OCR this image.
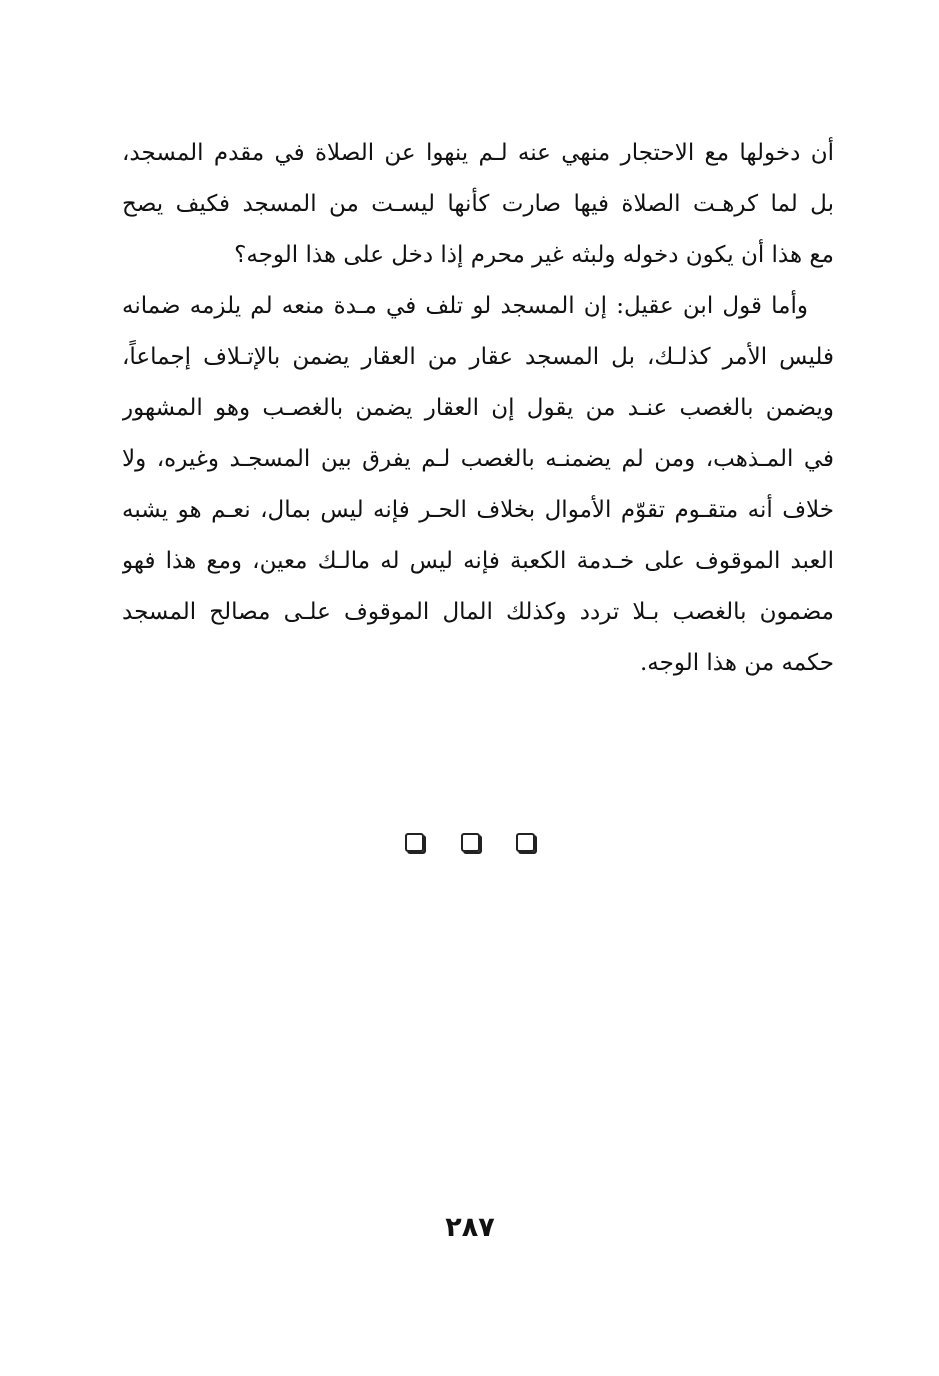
أن دخولها مع الاحتجار منهي عنه لـم ينهوا عن الصلاة في مقدم المسجد،
بل لما كرهـت الصلاة فيها صارت كأنها ليسـت من المسجد فكيف يصح
مع هذا أن يكون دخوله ولبثه غير محرم إذا دخل على هذا الوجه؟
وأما قول ابن عقيل: إن المسجد لو تلف في مـدة منعه لم يلزمه ضمانه
فليس الأمر كذلـك، بل المسجد عقار من العقار يضمن بالإتـلاف إجماعاً،
ويضمن بالغصب عنـد من يقول إن العقار يضمن بالغصـب وهو المشهور
في المـذهب، ومن لم يضمنـه بالغصب لـم يفرق بين المسجـد وغيره، ولا
خلاف أنه متقـوم تقوّم الأموال بخلاف الحـر فإنه ليس بمال، نعـم هو يشبه
العبد الموقوف على خـدمة الكعبة فإنه ليس له مالـك معين، ومع هذا فهو
مضمون بالغصب بـلا تردد وكذلك المال الموقوف علـى مصالح المسجد
حكمه من هذا الوجه.
٢٨٧
